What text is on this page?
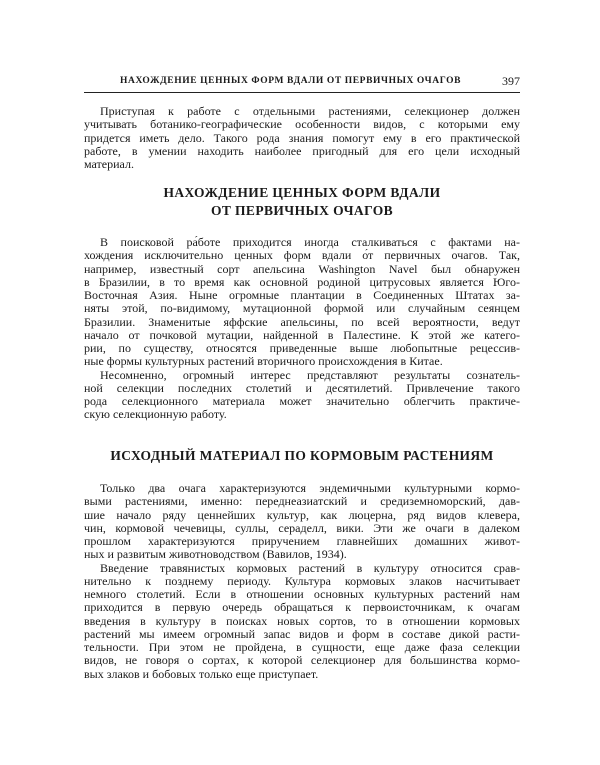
НАХОЖДЕНИЕ ЦЕННЫХ ФОРМ ВДАЛИ ОТ ПЕРВИЧНЫХ ОЧАГОВ	397
Приступая к работе с отдельными растениями, селекционер должен
учитывать ботанико-географические особенности видов, с которыми ему
придется иметь дело. Такого рода знания помогут ему в его практической
работе, в умении находить наиболее пригодный для его цели исходный
материал.
НАХОЖДЕНИЕ ЦЕННЫХ ФОРМ ВДАЛИ
ОТ ПЕРВИЧНЫХ ОЧАГОВ
В поисковой ра́боте приходится иногда сталкиваться с фактами на-
хождения исключительно ценных форм вдали о́т первичных очагов. Так,
например, известный сорт апельсина Washington Navel был обнаружен
в Бразилии, в то время как основной родиной цитрусовых является Юго-
Восточная Азия. Ныне огромные плантации в Соединенных Штатах за-
няты этой, по-видимому, мутационной формой или случайным сеянцем
Бразилии. Знаменитые яффские апельсины, по всей вероятности, ведут
начало от почковой мутации, найденной в Палестине. К этой же катего-
рии, по существу, относятся приведенные выше любопытные рецессив-
ные формы культурных растений вторичного происхождения в Китае.
Несомненно, огромный интерес представляют результаты сознатель-
ной селекции последних столетий и десятилетий. Привлечение такого
рода селекционного материала может значительно облегчить практиче-
скую селекционную работу.
ИСХОДНЫЙ МАТЕРИАЛ ПО КОРМОВЫМ РАСТЕНИЯМ
Только два очага характеризуются эндемичными культурными кормо-
выми растениями, именно: переднеазиатский и средиземноморский, дав-
шие начало ряду ценнейших культур, как люцерна, ряд видов клевера,
чин, кормовой чечевицы, суллы, сераделл, вики. Эти же очаги в далеком
прошлом характеризуются приручением главнейших домашних живот-
ных и развитым животноводством (Вавилов, 1934).
Введение травянистых кормовых растений в культуру относится срав-
нительно к позднему периоду. Культура кормовых злаков насчитывает
немного столетий. Если в отношении основных культурных растений нам
приходится в первую очередь обращаться к первоисточникам, к очагам
введения в культуру в поисках новых сортов, то в отношении кормовых
растений мы имеем огромный запас видов и форм в составе дикой расти-
тельности. При этом не пройдена, в сущности, еще даже фаза селекции
видов, не говоря о сортах, к которой селекционер для большинства кормо-
вых злаков и бобовых только еще приступает.
